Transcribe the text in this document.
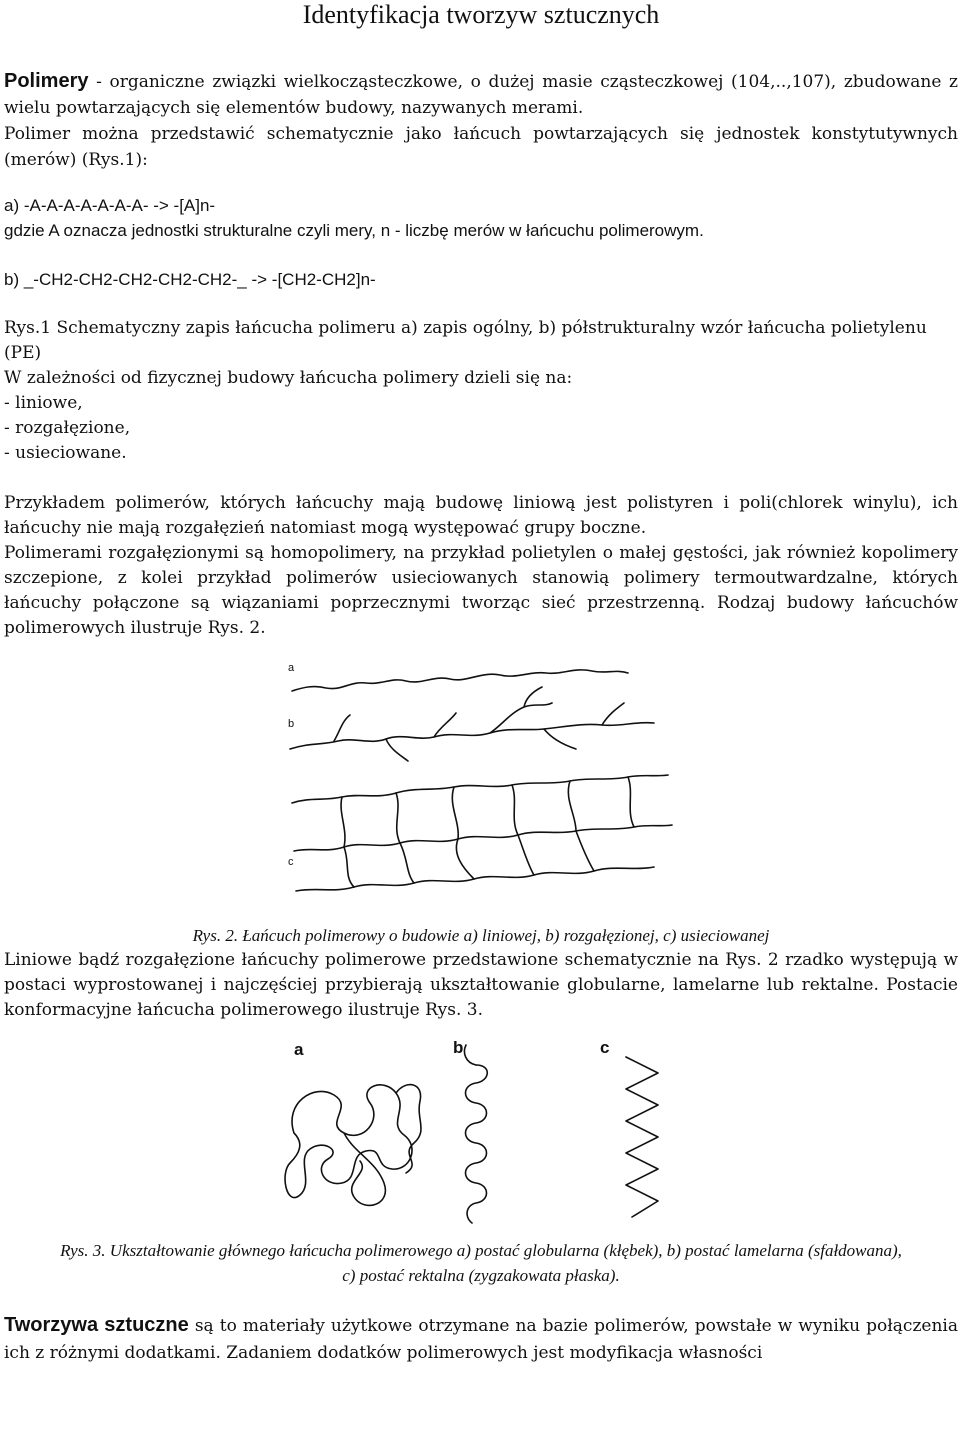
Identyfikacja tworzyw sztucznych

Polimery - organiczne związki wielkocząsteczkowe, o dużej masie cząsteczkowej (104,..,107), zbudowane z wielu powtarzających się elementów budowy, nazywanych merami.

Polimer można przedstawić schematycznie jako łańcuch powtarzających się jednostek konstytutywnych (merów) (Rys.1):

a) -A-A-A-A-A-A-A- -> -[A]n-

gdzie A oznacza jednostki strukturalne czyli mery, n - liczbę merów w łańcuchu polimerowym.

b) _-CH2-CH2-CH2-CH2-CH2-_ -> -[CH2-CH2]n-

Rys.1 Schematyczny zapis łańcucha polimeru a) zapis ogólny, b) półstrukturalny wzór łańcucha polietylenu (PE)

W zależności od fizycznej budowy łańcucha polimery dzieli się na:

- liniowe,

- rozgałęzione,

- usieciowane.

Przykładem polimerów, których łańcuchy mają budowę liniową jest polistyren i poli(chlorek winylu), ich łańcuchy nie mają rozgałęzień natomiast mogą występować grupy boczne.

Polimerami rozgałęzionymi są homopolimery, na przykład polietylen o małej gęstości, jak również kopolimery szczepione, z kolei przykład polimerów usieciowanych stanowią polimery termoutwardzalne, których łańcuchy połączone są wiązaniami poprzecznymi tworząc sieć przestrzenną. Rodzaj budowy łańcuchów polimerowych ilustruje Rys. 2.

a
b
c

Rys. 2. Łańcuch polimerowy o budowie a) liniowej, b) rozgałęzionej, c) usieciowanej

Liniowe bądź rozgałęzione łańcuchy polimerowe przedstawione schematycznie na Rys. 2 rzadko występują w postaci wyprostowanej i najczęściej przybierają ukształtowanie globularne, lamelarne lub rektalne. Postacie konformacyjne łańcucha polimerowego ilustruje Rys. 3.

a	b	c

Rys. 3. Ukształtowanie głównego łańcucha polimerowego a) postać globularna (kłębek), b) postać lamelarna (sfałdowana),

c) postać rektalna (zygzakowata płaska).

Tworzywa sztuczne są to materiały użytkowe otrzymane na bazie polimerów, powstałe w wyniku połączenia ich z różnymi dodatkami. Zadaniem dodatków polimerowych jest modyfikacja własności
